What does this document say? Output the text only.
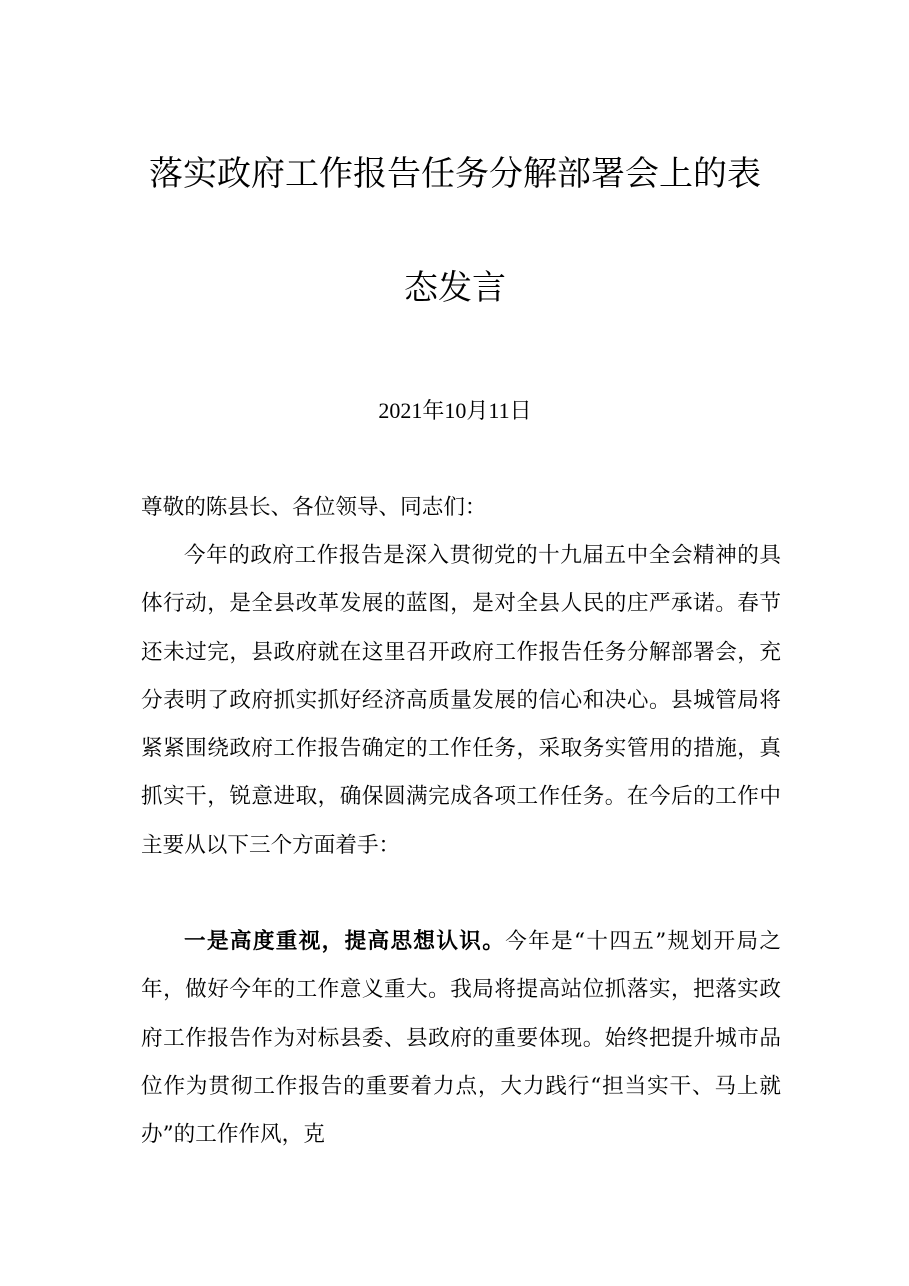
落实政府工作报告任务分解部署会上的表
态发言
2021年10月11日
尊敬的陈县长、各位领导、同志们：
今年的政府工作报告是深入贯彻党的十九届五中全会精神的具体行动，是全县改革发展的蓝图，是对全县人民的庄严承诺。春节还未过完，县政府就在这里召开政府工作报告任务分解部署会，充分表明了政府抓实抓好经济高质量发展的信心和决心。县城管局将紧紧围绕政府工作报告确定的工作任务，采取务实管用的措施，真抓实干，锐意进取，确保圆满完成各项工作任务。在今后的工作中主要从以下三个方面着手：
一是高度重视，提高思想认识。今年是“十四五”规划开局之年，做好今年的工作意义重大。我局将提高站位抓落实，把落实政府工作报告作为对标县委、县政府的重要体现。始终把提升城市品位作为贯彻工作报告的重要着力点，大力践行“担当实干、马上就办”的工作作风，克
